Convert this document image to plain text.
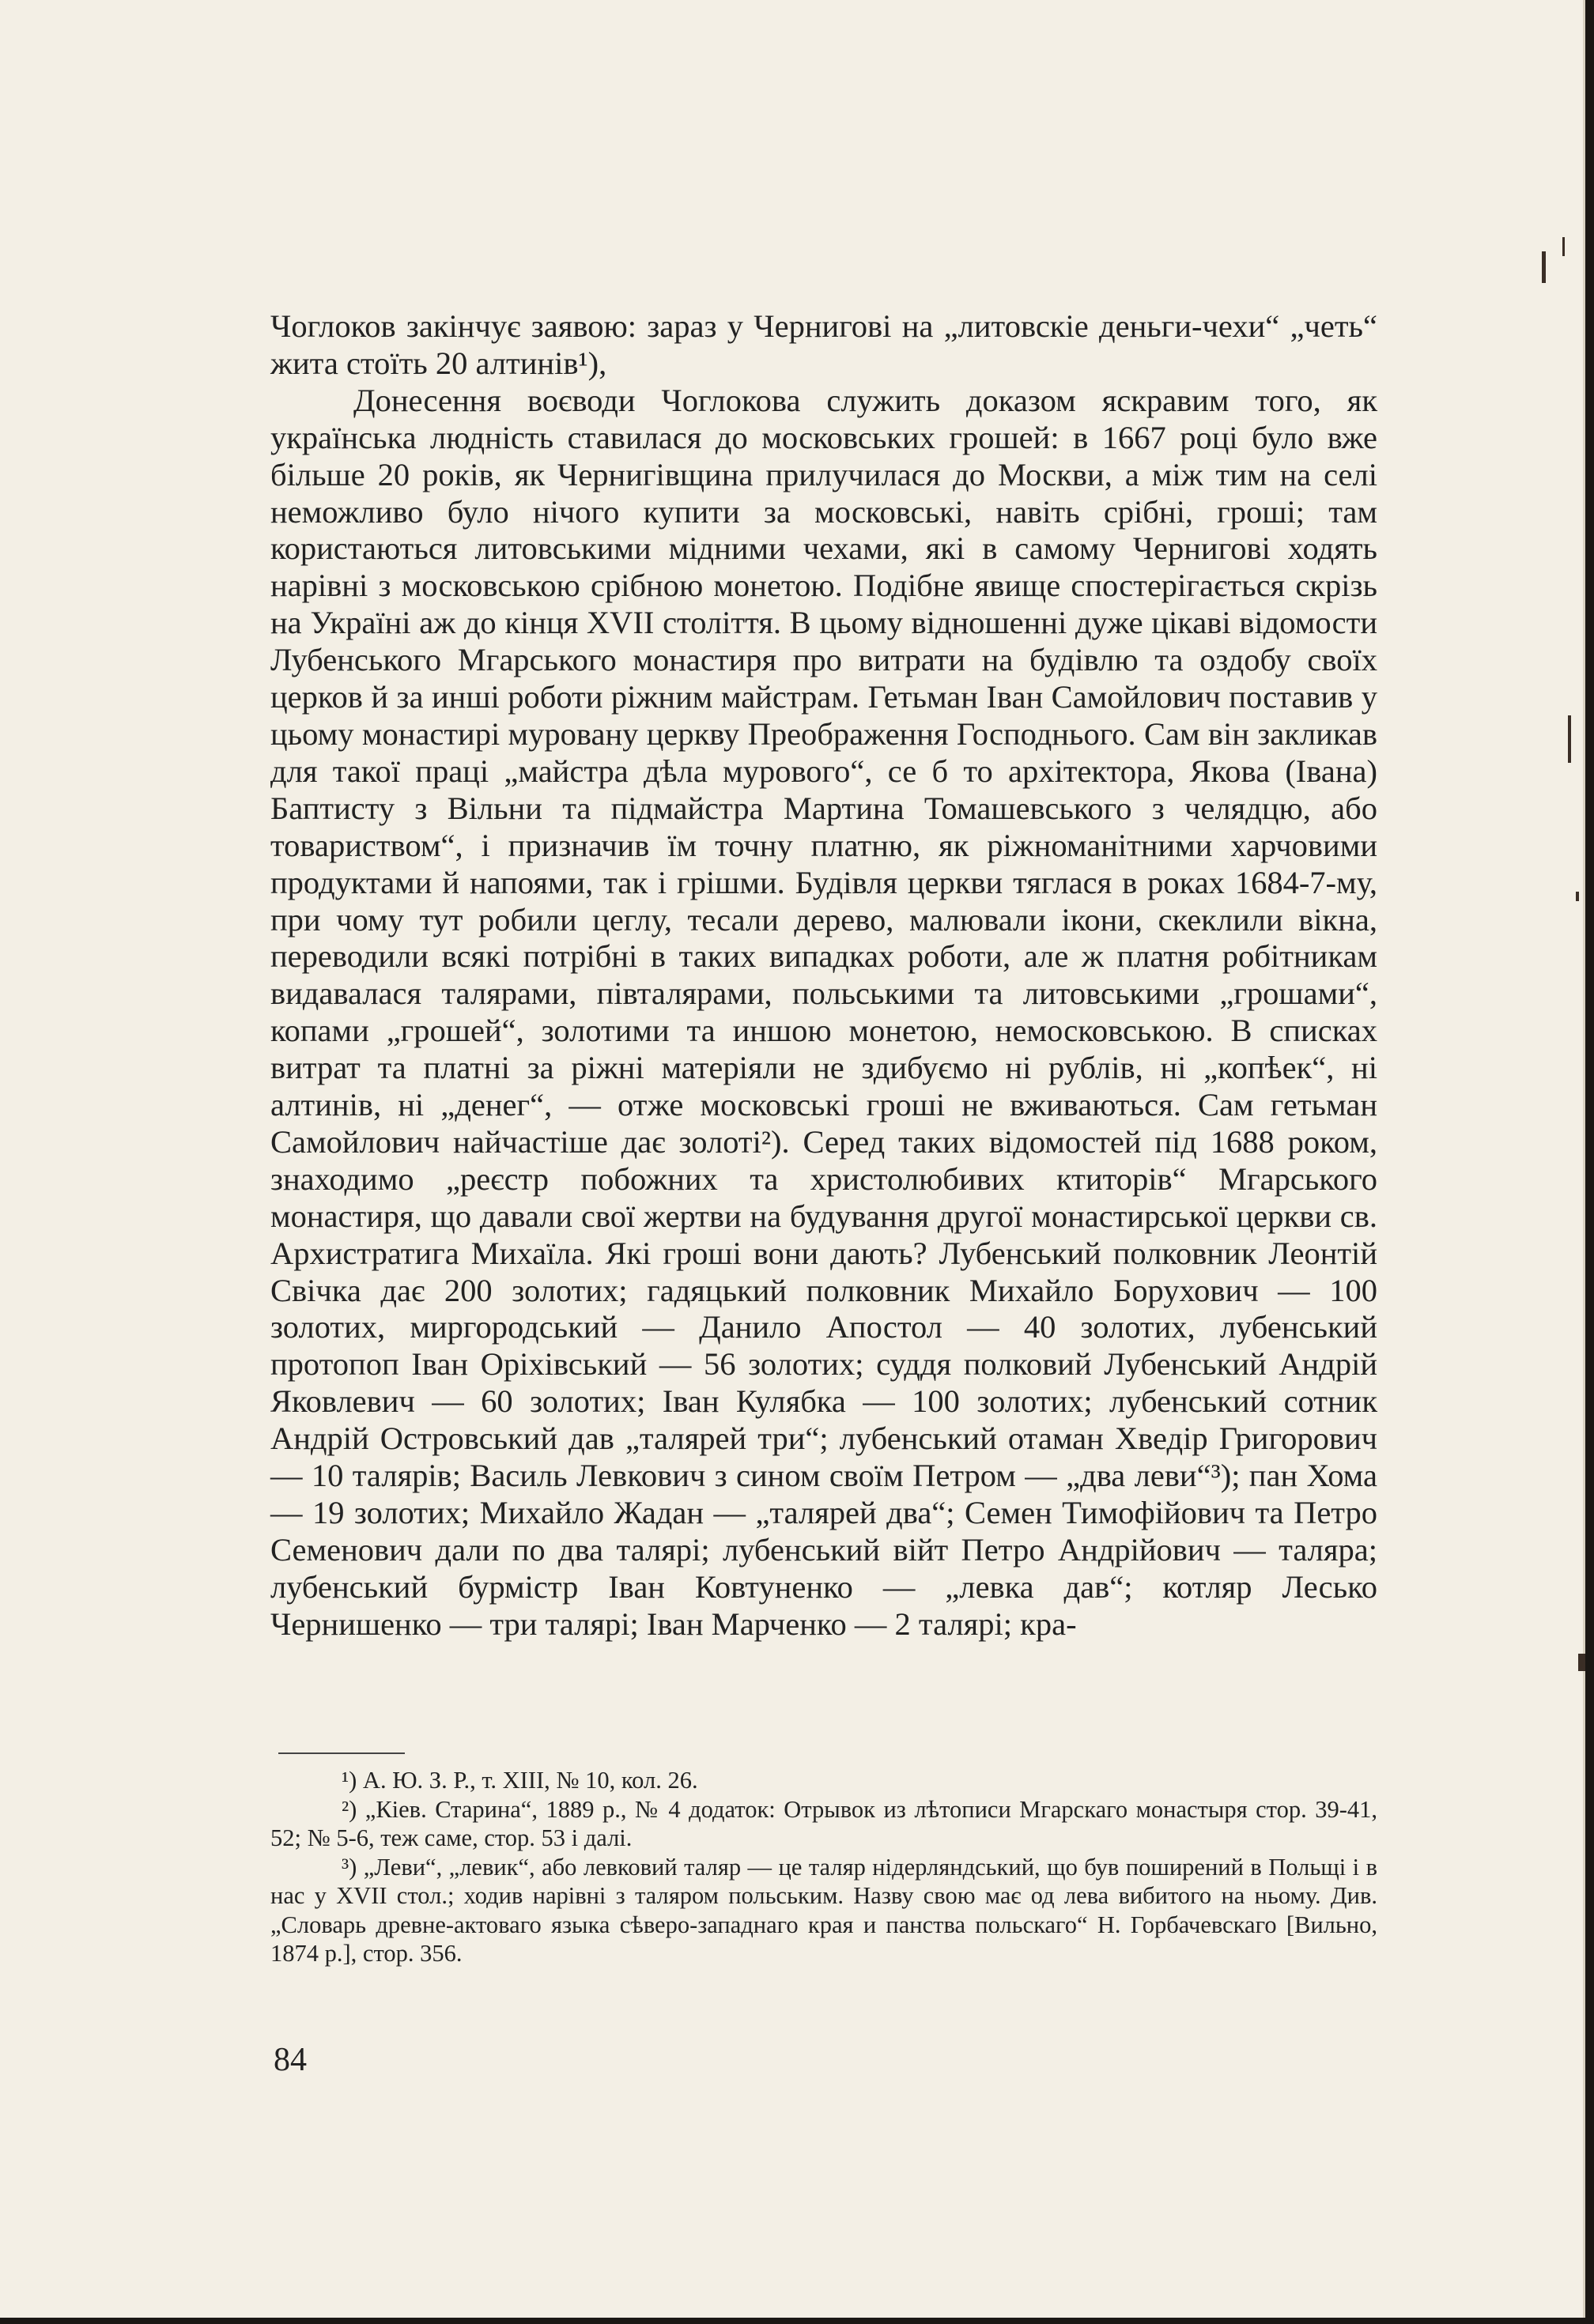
Чоглоков закінчує заявою: зараз у Чернигові на „литовскіе деньги-чехи“ „четь“ жита стоїть 20 алтинів¹),

Донесення воєводи Чоглокова служить доказом яскравим того, як українська людність ставилася до московських грошей: в 1667 році було вже більше 20 років, як Чернигівщина прилучилася до Москви, а між тим на селі неможливо було нічого купити за московські, навіть срібні, гроші; там користаються литовськими мідними чехами, які в самому Чернигові ходять нарівні з московською срібною монетою. Подібне явище спостерігається скрізь на Україні аж до кінця XVII століття. В цьому відношенні дуже цікаві відомости Лубенського Мгарського монастиря про витрати на будівлю та оздобу своїх церков й за инші роботи ріжним майстрам. Гетьман Іван Самойлович поставив у цьому монастирі муровану церкву Преображення Господнього. Сам він закликав для такої праці „майстра дѣла мурового“, се б то архітектора, Якова (Івана) Баптисту з Вільни та підмайстра Мартина Томашевського з челядцю, або товариством“, і призначив їм точну платню, як ріжноманітними харчовими продуктами й напоями, так і грішми. Будівля церкви тяглася в роках 1684-7-му, при чому тут робили цеглу, тесали дерево, малювали ікони, скеклили вікна, переводили всякі потрібні в таких випадках роботи, але ж платня робітникам видавалася талярами, півталярами, польськими та литовськими „грошами“, копами „грошей“, золотими та иншою монетою, немосковською. В списках витрат та платні за ріжні матеріяли не здибуємо ні рублів, ні „копѣек“, ні алтинів, ні „денег“, — отже московські гроші не вживаються. Сам гетьман Самойлович найчастіше дає золоті²). Серед таких відомостей під 1688 роком, знаходимо „реєстр побожних та христолюбивих ктиторів“ Мгарського монастиря, що давали свої жертви на будування другої монастирської церкви св. Архистратига Михаїла. Які гроші вони дають? Лубенський полковник Леонтій Свічка дає 200 золотих; гадяцький полковник Михайло Борухович — 100 золотих, миргородський — Данило Апостол — 40 золотих, лубенський протопоп Іван Оріхівський — 56 золотих; суддя полковий Лубенський Андрій Яковлевич — 60 золотих; Іван Кулябка — 100 золотих; лубенський сотник Андрій Островський дав „талярей три“; лубенський отаман Хведір Григорович — 10 талярів; Василь Левкович з сином своїм Петром — „два леви“³); пан Хома — 19 золотих; Михайло Жадан — „талярей два“; Семен Тимофійович та Петро Семенович дали по два талярі; лубенський війт Петро Андрійович — таляра; лубенський бурмістр Іван Ковтуненко — „левка дав“; котляр Лесько Чернишенко — три талярі; Іван Марченко — 2 талярі; кра-

¹) А. Ю. З. Р., т. XIII, № 10, кол. 26.

²) „Кіев. Старина“, 1889 р., № 4 додаток: Отрывок из лѣтописи Мгарскаго монастыря стор. 39-41, 52; № 5-6, теж саме, стор. 53 і далі.

³) „Леви“, „левик“, або левковий таляр — це таляр нідерляндський, що був поширений в Польщі і в нас у XVII стол.; ходив нарівні з таляром польським. Назву свою має од лева вибитого на ньому. Див. „Словарь древне-актоваго языка сѣверо-западнаго края и панства польскаго“ Н. Горбачевскаго [Вильно, 1874 р.], стор. 356.

84
